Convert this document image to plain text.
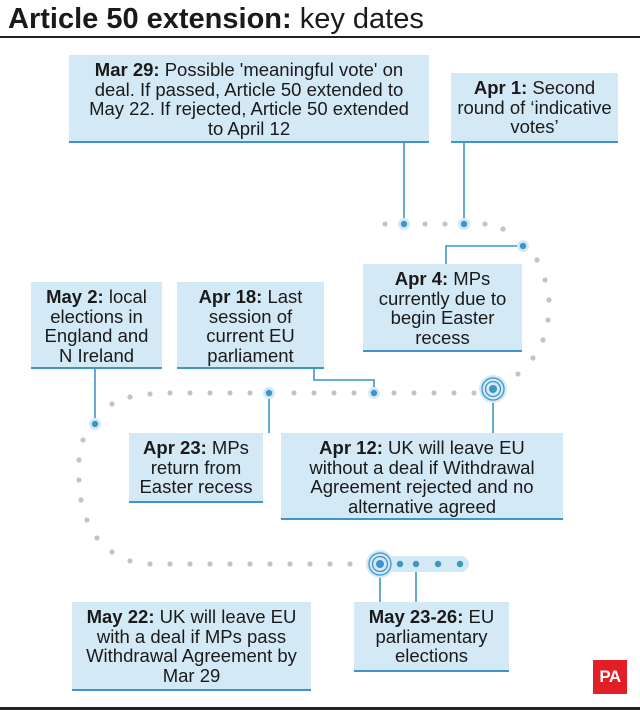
Article 50 extension: key dates
Mar 29: Possible 'meaningful vote' on deal. If passed, Article 50 extended to May 22. If rejected, Article 50 extended to April 12
Apr 1: Second round of ‘indicative votes’
Apr 4: MPs currently due to begin Easter recess
May 2: local elections in England and N Ireland
Apr 18: Last session of current EU parliament
Apr 23: MPs return from Easter recess
Apr 12: UK will leave EU without a deal if Withdrawal Agreement rejected and no alternative agreed
May 22: UK will leave EU with a deal if MPs pass Withdrawal Agreement by Mar 29
May 23-26: EU parliamentary elections
PA
